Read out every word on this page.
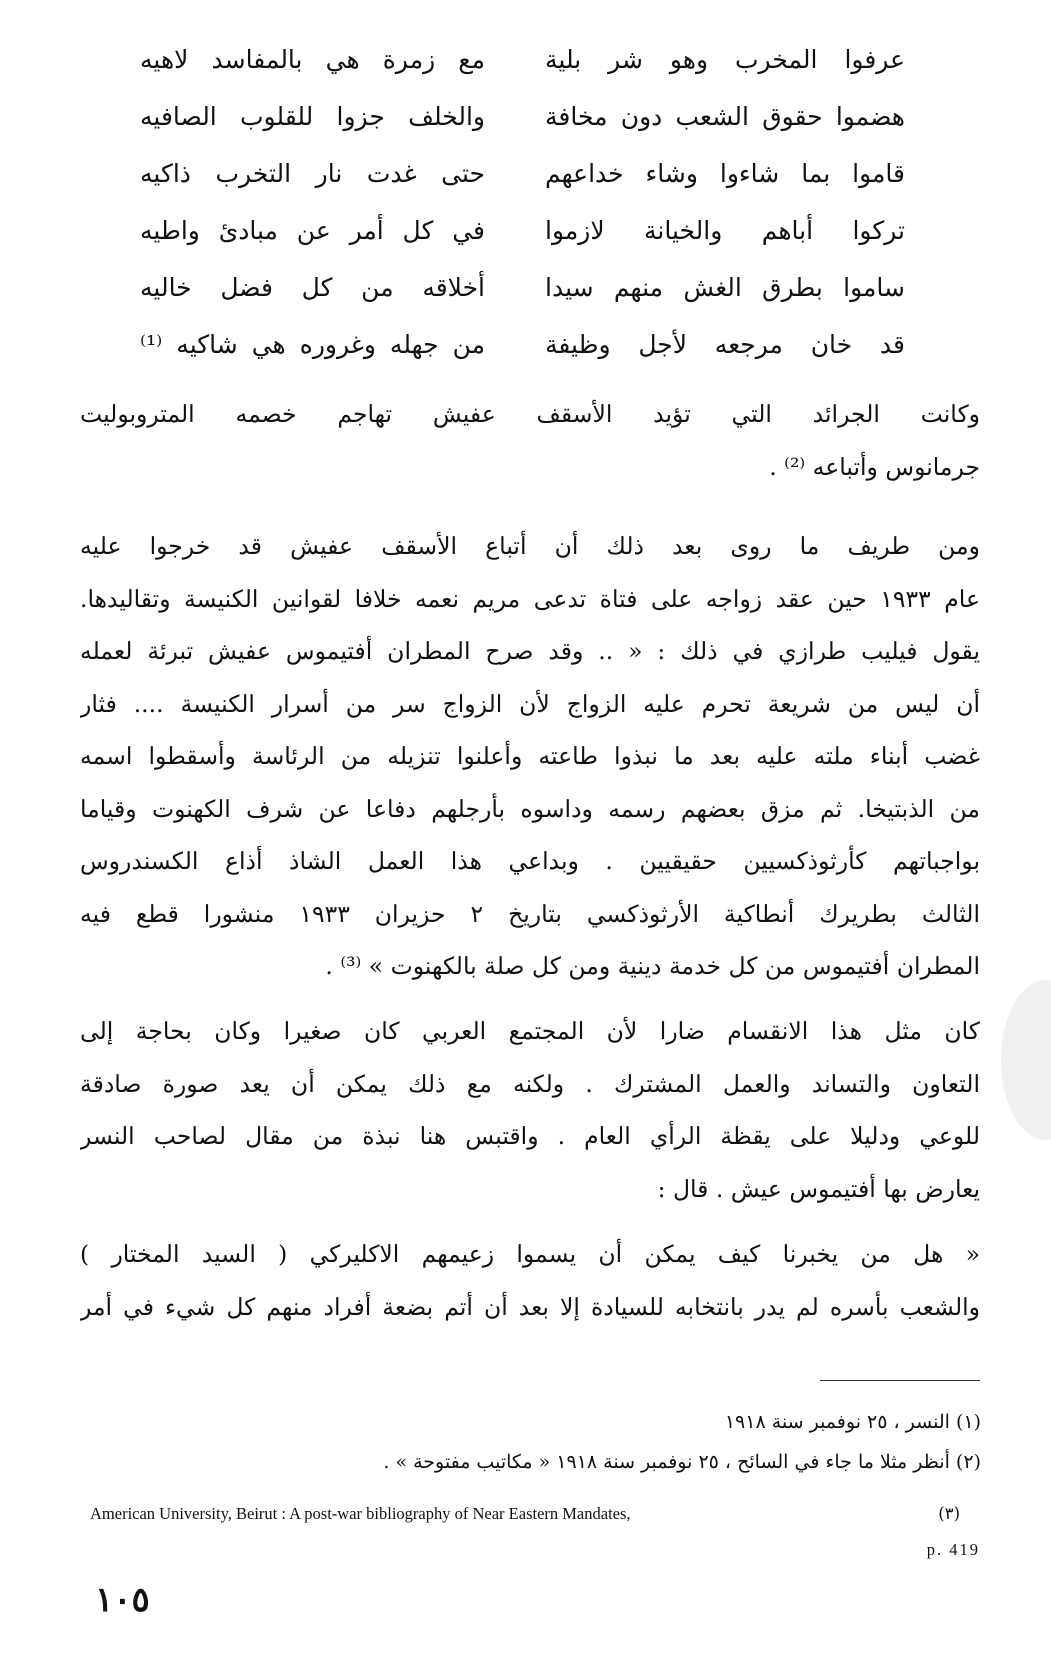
عرفوا المخرب وهو شر بلية
مع زمرة هي بالمفاسد لاهيه
هضموا حقوق الشعب دون مخافة
والخلف جزوا للقلوب الصافيه
قاموا بما شاءوا وشاء خداعهم
حتى غدت نار التخرب ذاكيه
تركوا أباهم والخيانة لازموا
في كل أمر عن مبادئ واطيه
ساموا بطرق الغش منهم سيدا
أخلاقه من كل فضل خاليه
قد خان مرجعه لأجل وظيفة
من جهله وغروره هي شاكيه ⁽¹⁾
وكانت الجرائد التي تؤيد الأسقف عفيش تهاجم خصمه المتروبوليت
جرمانوس وأتباعه ⁽²⁾ .
ومن طريف ما روى بعد ذلك أن أتباع الأسقف عفيش قد خرجوا عليه
عام ١٩٣٣ حين عقد زواجه على فتاة تدعى مريم نعمه خلافا لقوانين الكنيسة وتقاليدها.
يقول فيليب طرازي في ذلك : « .. وقد صرح المطران أفتيموس عفيش تبرئة لعمله
أن ليس من شريعة تحرم عليه الزواج لأن الزواج سر من أسرار الكنيسة .... فثار
غضب أبناء ملته عليه بعد ما نبذوا طاعته وأعلنوا تنزيله من الرئاسة وأسقطوا اسمه
من الذبتيخا. ثم مزق بعضهم رسمه وداسوه بأرجلهم دفاعا عن شرف الكهنوت وقياما
بواجباتهم كأرثوذكسيين حقيقيين . وبداعي هذا العمل الشاذ أذاع الكسندروس
الثالث بطريرك أنطاكية الأرثوذكسي بتاريخ ٢ حزيران ١٩٣٣ منشورا قطع فيه
المطران أفتيموس من كل خدمة دينية ومن كل صلة بالكهنوت » ⁽³⁾ .
كان مثل هذا الانقسام ضارا لأن المجتمع العربي كان صغيرا وكان بحاجة إلى
التعاون والتساند والعمل المشترك . ولكنه مع ذلك يمكن أن يعد صورة صادقة
للوعي ودليلا على يقظة الرأي العام . واقتبس هنا نبذة من مقال لصاحب النسر
يعارض بها أفتيموس عيش . قال :
« هل من يخبرنا كيف يمكن أن يسموا زعيمهم الاكليركي ( السيد المختار )
والشعب بأسره لم يدر بانتخابه للسيادة إلا بعد أن أتم بضعة أفراد منهم كل شيء في أمر
(١) النسر ، ٢٥ نوفمبر سنة ١٩١٨
(٢) أنظر مثلا ما جاء في السائح ، ٢٥ نوفمبر سنة ١٩١٨ « مكاتيب مفتوحة » .
American University, Beirut : A post-war bibliography of Near Eastern Mandates,	(٣)
p. 419
١٠٥
